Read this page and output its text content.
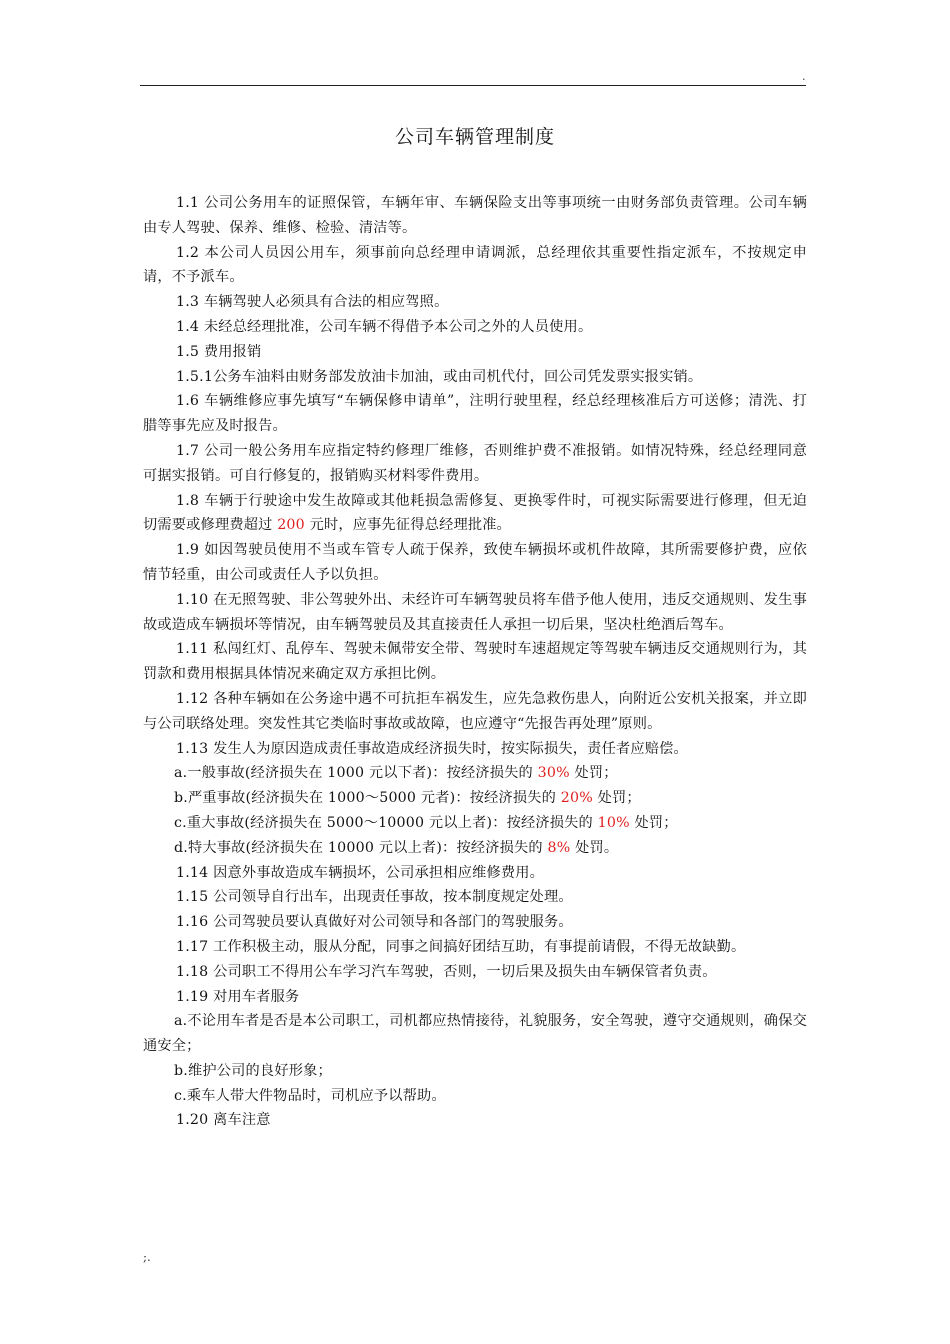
.
公司车辆管理制度

1.1 公司公务用车的证照保管，车辆年审、车辆保险支出等事项统一由财务部负责管理。公司车辆由专人驾驶、保养、维修、检验、清洁等。

1.2 本公司人员因公用车，须事前向总经理申请调派，总经理依其重要性指定派车，不按规定申请，不予派车。

1.3 车辆驾驶人必须具有合法的相应驾照。

1.4 未经总经理批准，公司车辆不得借予本公司之外的人员使用。

1.5 费用报销

1.5.1公务车油料由财务部发放油卡加油，或由司机代付，回公司凭发票实报实销。

1.6 车辆维修应事先填写“车辆保修申请单”，注明行驶里程，经总经理核准后方可送修；清洗、打腊等事先应及时报告。

1.7 公司一般公务用车应指定特约修理厂维修，否则维护费不准报销。如情况特殊，经总经理同意可据实报销。可自行修复的，报销购买材料零件费用。

1.8 车辆于行驶途中发生故障或其他耗损急需修复、更换零件时，可视实际需要进行修理，但无迫切需要或修理费超过 200 元时，应事先征得总经理批准。

1.9 如因驾驶员使用不当或车管专人疏于保养，致使车辆损坏或机件故障，其所需要修护费，应依情节轻重，由公司或责任人予以负担。

1.10 在无照驾驶、非公驾驶外出、未经许可车辆驾驶员将车借予他人使用，违反交通规则、发生事故或造成车辆损坏等情况，由车辆驾驶员及其直接责任人承担一切后果，坚决杜绝酒后驾车。

1.11 私闯红灯、乱停车、驾驶未佩带安全带、驾驶时车速超规定等驾驶车辆违反交通规则行为，其罚款和费用根据具体情况来确定双方承担比例。

1.12 各种车辆如在公务途中遇不可抗拒车祸发生，应先急救伤患人，向附近公安机关报案，并立即与公司联络处理。突发性其它类临时事故或故障，也应遵守“先报告再处理”原则。

1.13 发生人为原因造成责任事故造成经济损失时，按实际损失，责任者应赔偿。

a.一般事故(经济损失在 1000 元以下者)：按经济损失的 30% 处罚；

b.严重事故(经济损失在 1000～5000 元者)：按经济损失的 20% 处罚；

c.重大事故(经济损失在 5000～10000 元以上者)：按经济损失的 10% 处罚；

d.特大事故(经济损失在 10000 元以上者)：按经济损失的 8% 处罚。

1.14 因意外事故造成车辆损坏，公司承担相应维修费用。

1.15 公司领导自行出车，出现责任事故，按本制度规定处理。

1.16 公司驾驶员要认真做好对公司领导和各部门的驾驶服务。

1.17 工作积极主动，服从分配，同事之间搞好团结互助，有事提前请假，不得无故缺勤。

1.18 公司职工不得用公车学习汽车驾驶，否则，一切后果及损失由车辆保管者负责。

1.19 对用车者服务

a.不论用车者是否是本公司职工，司机都应热情接待，礼貌服务，安全驾驶，遵守交通规则，确保交通安全；

b.维护公司的良好形象；

c.乘车人带大件物品时，司机应予以帮助。

1.20 离车注意

;.
